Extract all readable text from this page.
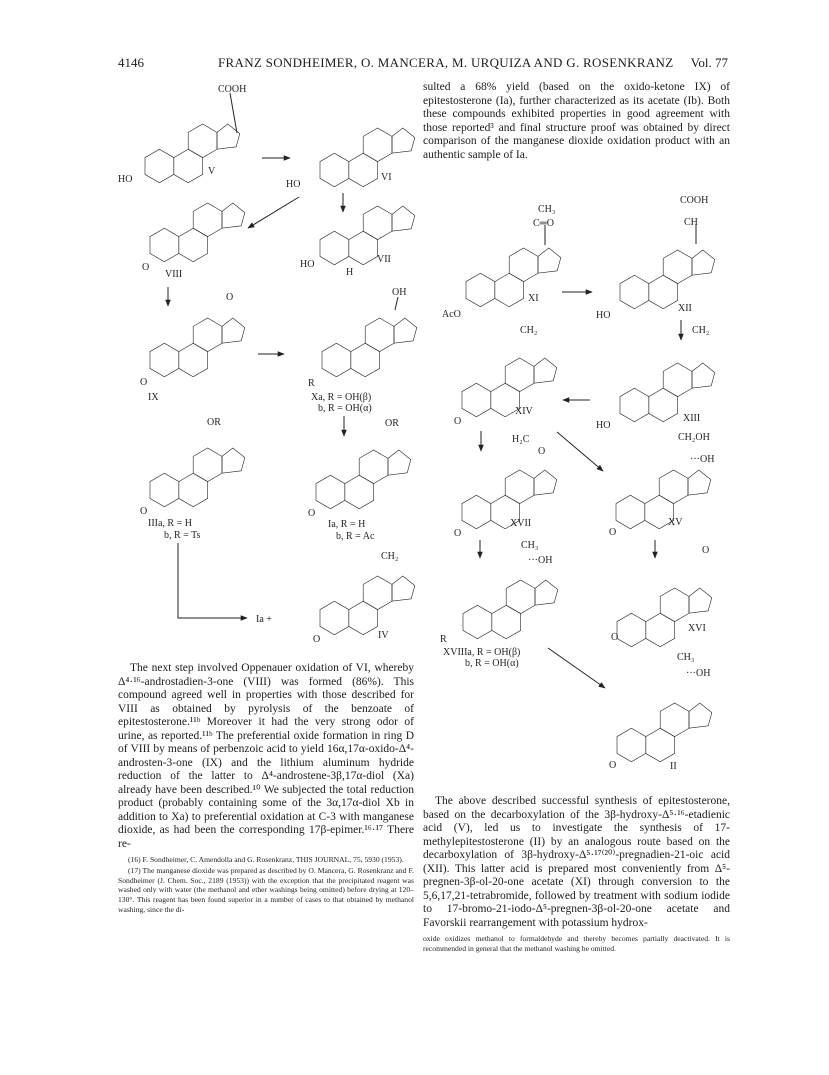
4146	FRANZ SONDHEIMER, O. MANCERA, M. URQUIZA AND G. ROSENKRANZ Vol. 77
COOH
HO
V
HO
VI
O
VIII
HO
H
VII
O
O
IX
OH
R
Xa, R = OH(β)
b, R = OH(α)
OR
O
IIIa, R = H
b, R = Ts
OR
O
Ia, R = H
b, R = Ac
Ia +
CH₂
O	IV
CH₃
C═O
AcO
XI
COOH
CH
HO
XII
CH₂
O
XIV
CH₂
HO
XIII
H₂C
O
O
XVII
CH₂OH
···OH
O
XV
CH₃
···OH
R
XVIIIa, R = OH(β)
b, R = OH(α)
O
O
XVI
CH₃
···OH
O	II

sulted a 68% yield (based on the oxido-ketone IX) of epitestosterone (Ia), further characterized as its acetate (Ib). Both these compounds exhibited properties in good agreement with those reported³ and final structure proof was obtained by direct comparison of the manganese dioxide oxidation product with an authentic sample of Ia.

The next step involved Oppenauer oxidation of VI, whereby Δ⁴·¹⁶-androstadien-3-one (VIII) was formed (86%). This compound agreed well in properties with those described for VIII as obtained by pyrolysis of the benzoate of epitestosterone.¹¹ᵇ Moreover it had the very strong odor of urine, as reported.¹¹ᵇ The preferential oxide formation in ring D of VIII by means of perbenzoic acid to yield 16α,17α-oxido-Δ⁴-androsten-3-one (IX) and the lithium aluminum hydride reduction of the latter to Δ⁴-androstene-3β,17α-diol (Xa) already have been described.¹⁰ We subjected the total reduction product (probably containing some of the 3α,17α-diol Xb in addition to Xa) to preferential oxidation at C-3 with manganese dioxide, as had been the corresponding 17β-epimer.¹⁶·¹⁷ There re-

(16) F. Sondheimer, C. Amendolla and G. Rosenkranz, THIS JOURNAL, 75, 5930 (1953).

(17) The manganese dioxide was prepared as described by O. Mancera, G. Rosenkranz and F. Sondheimer (J. Chem. Soc., 2189 (1953)) with the exception that the precipitated reagent was washed only with water (the methanol and ether washings being omitted) before drying at 120–130°. This reagent has been found superior in a number of cases to that obtained by methanol washing, since the di-

The above described successful synthesis of epitestosterone, based on the decarboxylation of the 3β-hydroxy-Δ⁵·¹⁶-etadienic acid (V), led us to investigate the synthesis of 17-methylepitestosterone (II) by an analogous route based on the decarboxylation of 3β-hydroxy-Δ⁵·¹⁷⁽²⁰⁾-pregnadien-21-oic acid (XII). This latter acid is prepared most conveniently from Δ⁵-pregnen-3β-ol-20-one acetate (XI) through conversion to the 5,6,17,21-tetrabromide, followed by treatment with sodium iodide to 17-bromo-21-iodo-Δ⁵-pregnen-3β-ol-20-one acetate and Favorskii rearrangement with potassium hydrox-

oxide oxidizes methanol to formaldehyde and thereby becomes partially deactivated. It is recommended in general that the methanol washing be omitted.
